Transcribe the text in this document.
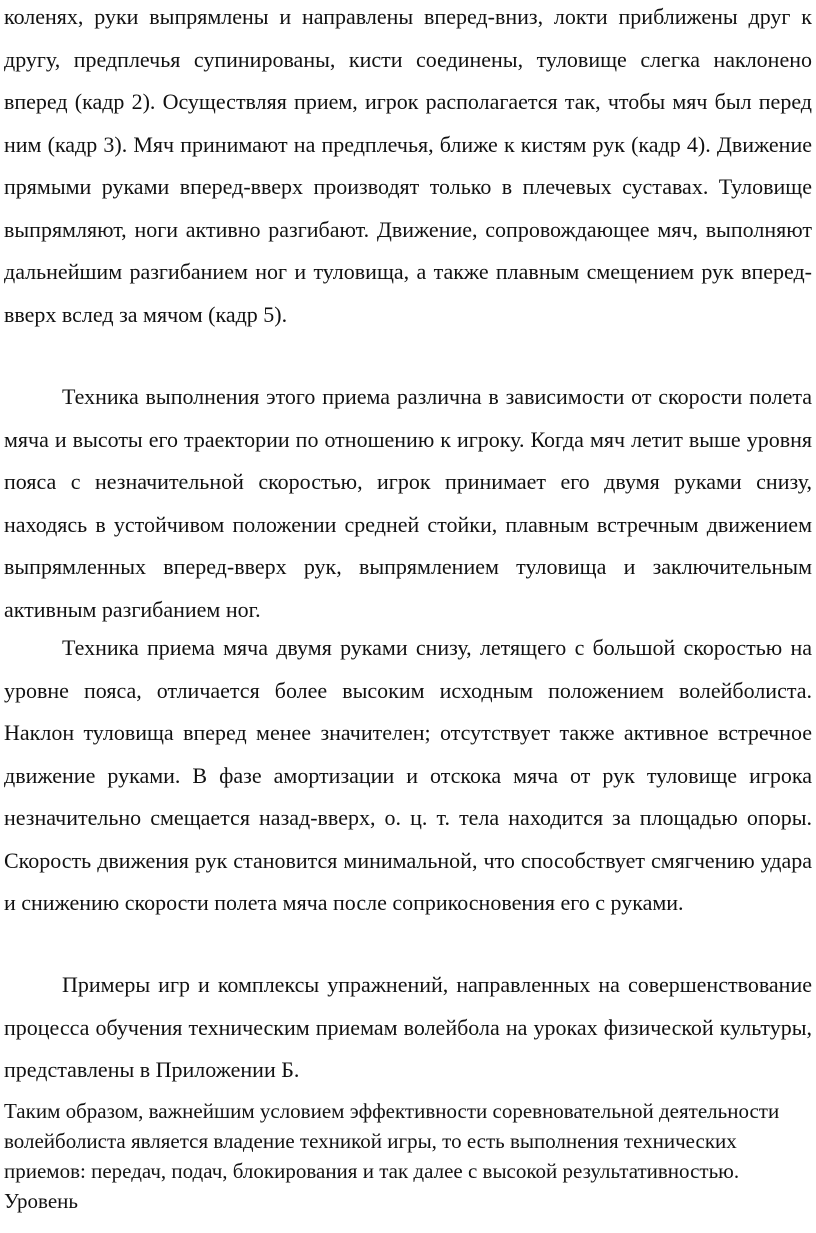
коленях, руки выпрямлены и направлены вперед-вниз, локти приближены друг к другу, предплечья супинированы, кисти соединены, туловище слегка наклонено вперед (кадр 2). Осуществляя прием, игрок располагается так, чтобы мяч был перед ним (кадр 3). Мяч принимают на предплечья, ближе к кистям рук (кадр 4). Движение прямыми руками вперед-вверх производят только в плечевых суставах. Туловище выпрямляют, ноги активно разгибают. Движение, сопровождающее мяч, выполняют дальнейшим разгибанием ног и туловища, а также плавным смещением рук вперед-вверх вслед за мячом (кадр 5).

Техника выполнения этого приема различна в зависимости от скорости полета мяча и высоты его траектории по отношению к игроку. Когда мяч летит выше уровня пояса с незначительной скоростью, игрок принимает его двумя руками снизу, находясь в устойчивом положении средней стойки, плавным встречным движением выпрямленных вперед-вверх рук, выпрямлением туловища и заключительным активным разгибанием ног.

Техника приема мяча двумя руками снизу, летящего с большой скоростью на уровне пояса, отличается более высоким исходным положением волейболиста. Наклон туловища вперед менее значителен; отсутствует также активное встречное движение руками. В фазе амортизации и отскока мяча от рук туловище игрока незначительно смещается назад-вверх, о. ц. т. тела находится за площадью опоры. Скорость движения рук становится минимальной, что способствует смягчению удара и снижению скорости полета мяча после соприкосновения его с руками.

Примеры игр и комплексы упражнений, направленных на совершенствование процесса обучения техническим приемам волейбола на уроках физической культуры, представлены в Приложении Б.

Таким образом, важнейшим условием эффективности соревновательной деятельности волейболиста является владение техникой игры, то есть выполнения технических приемов: передач, подач, блокирования и так далее с высокой результативностью. Уровень
